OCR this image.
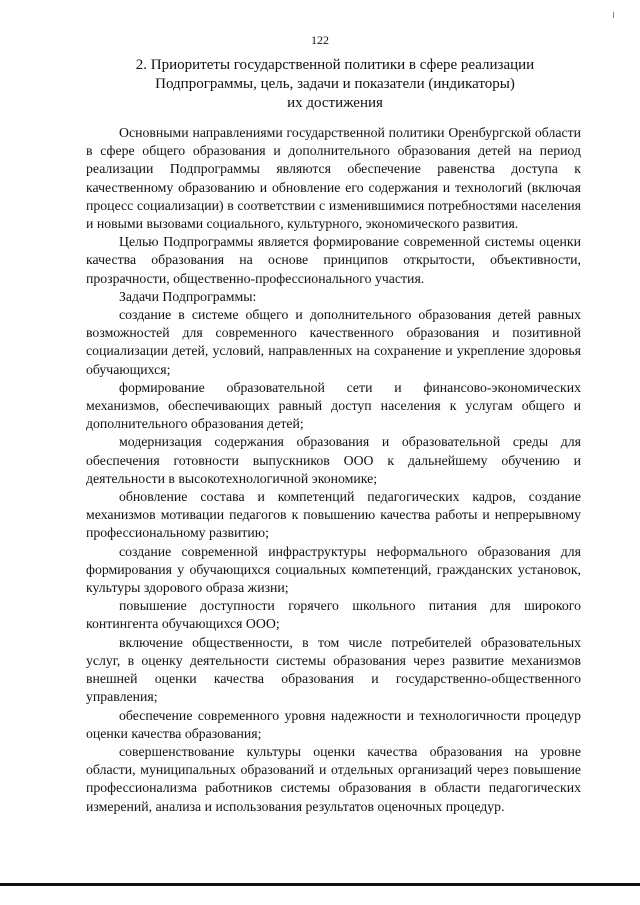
122
2. Приоритеты государственной политики в сфере реализации
Подпрограммы, цель, задачи и показатели (индикаторы)
их достижения

Основными направлениями государственной политики Оренбургской области в сфере общего образования и дополнительного образования детей на период реализации Подпрограммы являются обеспечение равенства доступа к качественному образованию и обновление его содержания и технологий (включая процесс социализации) в соответствии с изменившимися потребностями населения и новыми вызовами социального, культурного, экономического развития.

Целью Подпрограммы является формирование современной системы оценки качества образования на основе принципов открытости, объективности, прозрачности, общественно-профессионального участия.

Задачи Подпрограммы:

создание в системе общего и дополнительного образования детей равных возможностей для современного качественного образования и позитивной социализации детей, условий, направленных на сохранение и укрепление здоровья обучающихся;

формирование образовательной сети и финансово-экономических механизмов, обеспечивающих равный доступ населения к услугам общего и дополнительного образования детей;

модернизация содержания образования и образовательной среды для обеспечения готовности выпускников ООО к дальнейшему обучению и деятельности в высокотехнологичной экономике;

обновление состава и компетенций педагогических кадров, создание механизмов мотивации педагогов к повышению качества работы и непрерывному профессиональному развитию;

создание современной инфраструктуры неформального образования для формирования у обучающихся социальных компетенций, гражданских установок, культуры здорового образа жизни;

повышение доступности горячего школьного питания для широкого контингента обучающихся ООО;

включение общественности, в том числе потребителей образовательных услуг, в оценку деятельности системы образования через развитие механизмов внешней оценки качества образования и государственно-общественного управления;

обеспечение современного уровня надежности и технологичности процедур оценки качества образования;

совершенствование культуры оценки качества образования на уровне области, муниципальных образований и отдельных организаций через повышение профессионализма работников системы образования в области педагогических измерений, анализа и использования результатов оценочных процедур.
